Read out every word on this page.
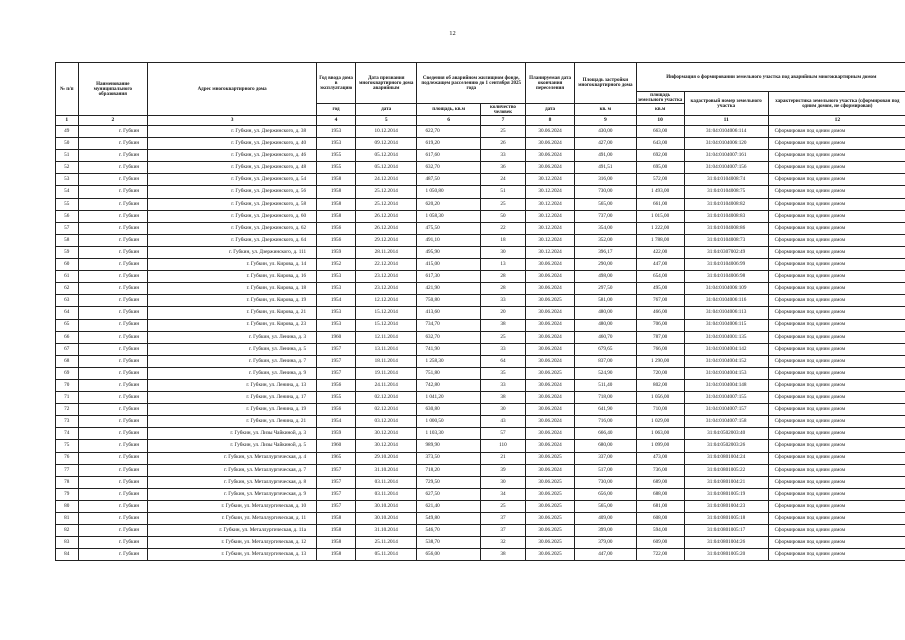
12
№ п/п	Наименование муниципального образования	Адрес многоквартирного дома	Год ввода дома в эксплуатацию	Дата признания многоквартирного дома аварийным	Сведения об аварийном жилищном фонде, подлежащем расселению до 1 сентября 2025 года		Планируемая дата окончания переселения	Площадь застройки многоквартирного дома	Информация о формировании земельного участка под аварийным многоквартирным домом		
									площадь земельного участка	кадастровый номер земельного участка	характеристика земельного участка (сформирован под одним домом, не сформирован)
			год	дата	площадь, кв.м	количество человек	дата	кв. м	кв.м		
1	2	3	4	5	6	7	8	9	10	11	12
49	г. Губкин	г. Губкин, ул. Дзержинского, д. 38	1953	10.12.2014	622,70	25	30.06.2024	430,00	663,00	31:04:0104006:114	Сформирован под одним домом
50	г. Губкин	г. Губкин, ул. Дзержинского, д. 40	1953	09.12.2014	619,20	26	30.06.2024	427,00	643,00	31:04:0104006:120	Сформирован под одним домом
51	г. Губкин	г. Губкин, ул. Дзержинского, д. 46	1955	05.12.2014	617,60	33	30.06.2024	491,00	692,00	31:04:0104007:161	Сформирован под одним домом
52	г. Губкин	г. Губкин, ул. Дзержинского, д. 48	1955	05.12.2014	632,70	36	30.06.2024	491,51	695,00	31:04:0104007:156	Сформирован под одним домом
53	г. Губкин	г. Губкин, ул. Дзержинского, д. 54	1958	24.12.2014	487,50	24	30.12.2024	316,00	572,00	31:04:0104008:74	Сформирован под одним домом
54	г. Губкин	г. Губкин, ул. Дзержинского, д. 56	1958	25.12.2014	1 050,80	51	30.12.2024	730,00	1 493,00	31:04:0104008:75	Сформирован под одним домом
55	г. Губкин	г. Губкин, ул. Дзержинского, д. 58	1958	25.12.2014	620,20	25	30.12.2024	565,00	661,00	31:04:0104008:82	Сформирован под одним домом
56	г. Губкин	г. Губкин, ул. Дзержинского, д. 60	1958	26.12.2014	1 058,30	50	30.12.2024	737,00	1 015,00	31:04:0104008:83	Сформирован под одним домом
57	г. Губкин	г. Губкин, ул. Дзержинского, д. 62	1956	26.12.2014	475,50	22	30.12.2024	354,00	1 222,00	31:04:0104008:86	Сформирован под одним домом
58	г. Губкин	г. Губкин, ул. Дзержинского, д. 64	1956	29.12.2014	491,10	18	30.12.2024	352,00	1 788,00	31:04:0104008:73	Сформирован под одним домом
59	г. Губкин	г. Губкин, ул. Дзержинского, д. 111	1959	28.11.2014	495,90	30	30.12.2024	396,17	422,00	31:04:0307002:49	Сформирован под одним домом
60	г. Губкин	г. Губкин, ул. Кирова, д. 14	1952	22.12.2014	415,00	13	30.06.2024	290,00	447,00	31:04:0104006:99	Сформирован под одним домом
61	г. Губкин	г. Губкин, ул. Кирова, д. 16	1953	23.12.2014	617,30	28	30.06.2024	498,00	654,00	31:04:0104006:98	Сформирован под одним домом
62	г. Губкин	г. Губкин, ул. Кирова, д. 18	1953	23.12.2014	421,90	28	30.06.2024	297,50	495,00	31:04:0104006:109	Сформирован под одним домом
63	г. Губкин	г. Губкин, ул. Кирова, д. 19	1954	12.12.2014	750,80	33	30.06.2025	581,00	767,00	31:04:0104006:116	Сформирован под одним домом
64	г. Губкин	г. Губкин, ул. Кирова, д. 21	1953	15.12.2014	413,60	20	30.06.2024	480,00	466,00	31:04:0104006:113	Сформирован под одним домом
65	г. Губкин	г. Губкин, ул. Кирова, д. 23	1953	15.12.2014	734,70	38	30.06.2024	480,00	706,00	31:04:0104006:115	Сформирован под одним домом
66	г. Губкин	г. Губкин, ул. Ленина, д. 3	1960	12.11.2014	632,70	25	30.06.2024	460,70	787,00	31:04:0104001:135	Сформирован под одним домом
67	г. Губкин	г. Губкин, ул. Ленина, д. 5	1957	13.11.2014	741,90	33	30.06.2024	679,65	766,00	31:04:0104004:142	Сформирован под одним домом
68	г. Губкин	г. Губкин, ул. Ленина, д. 7	1957	18.11.2014	1 258,30	64	30.06.2024	837,00	1 290,00	31:04:0104004:152	Сформирован под одним домом
69	г. Губкин	г. Губкин, ул. Ленина, д. 9	1957	19.11.2014	751,80	35	30.06.2025	524,90	720,00	31:04:0104004:153	Сформирован под одним домом
70	г. Губкин	г. Губкин, ул. Ленина, д. 13	1956	24.11.2014	742,80	33	30.06.2024	511,40	802,00	31:04:0104004:148	Сформирован под одним домом
71	г. Губкин	г. Губкин, ул. Ленина, д. 17	1955	02.12.2014	1 041,20	38	30.06.2024	718,00	1 056,00	31:04:0104007:155	Сформирован под одним домом
72	г. Губкин	г. Губкин, ул. Ленина, д. 19	1956	02.12.2014	630,80	30	30.06.2024	641,90	710,00	31:04:0104007:157	Сформирован под одним домом
73	г. Губкин	г. Губкин, ул. Ленина, д. 21	1954	03.12.2014	1 000,50	43	30.06.2024	716,00	1 029,00	31:04:0104007:158	Сформирован под одним домом
74	г. Губкин	г. Губкин, ул. Лизы Чайкиной, д. 3	1959	30.12.2014	1 103,30	57	30.06.2024	666,40	1 063,00	31:04:0502003:40	Сформирован под одним домом
75	г. Губкин	г. Губкин, ул. Лизы Чайкиной, д. 5	1960	30.12.2014	989,90	110	30.06.2024	680,00	1 099,00	31:04:0502003:26	Сформирован под одним домом
76	г. Губкин	г. Губкин, ул. Металлургическая, д. 4	1965	29.10.2014	373,50	21	30.06.2025	337,00	473,00	31:04:0801004:24	Сформирован под одним домом
77	г. Губкин	г. Губкин, ул. Металлургическая, д. 7	1957	31.10.2014	718,20	39	30.06.2024	517,00	736,00	31:04:0801005:22	Сформирован под одним домом
78	г. Губкин	г. Губкин, ул. Металлургическая, д. 8	1957	03.11.2014	729,50	30	30.06.2025	730,00	689,00	31:04:0801004:21	Сформирован под одним домом
79	г. Губкин	г. Губкин, ул. Металлургическая, д. 9	1957	03.11.2014	627,50	34	30.06.2025	656,00	688,00	31:04:0801005:19	Сформирован под одним домом
80	г. Губкин	г. Губкин, ул. Металлургическая, д. 10	1957	30.10.2014	621,40	25	30.06.2025	565,00	681,00	31:04:0801004:23	Сформирован под одним домом
81	г. Губкин	г. Губкин, ул. Металлургическая, д. 11	1958	30.10.2014	549,80	37	30.06.2025	409,00	608,00	31:04:0801005:18	Сформирован под одним домом
82	г. Губкин	г. Губкин, ул. Металлургическая, д. 11а	1958	31.10.2014	546,70	37	30.06.2025	399,00	594,00	31:04:0801005:17	Сформирован под одним домом
83	г. Губкин	г. Губкин, ул. Металлургическая, д. 12	1958	25.11.2014	538,70	32	30.06.2025	379,00	609,00	31:04:0801004:26	Сформирован под одним домом
84	г. Губкин	г. Губкин, ул. Металлургическая, д. 13	1958	05.11.2014	656,00	38	30.06.2025	447,00	722,00	31:04:0801005:20	Сформирован под одним домом
